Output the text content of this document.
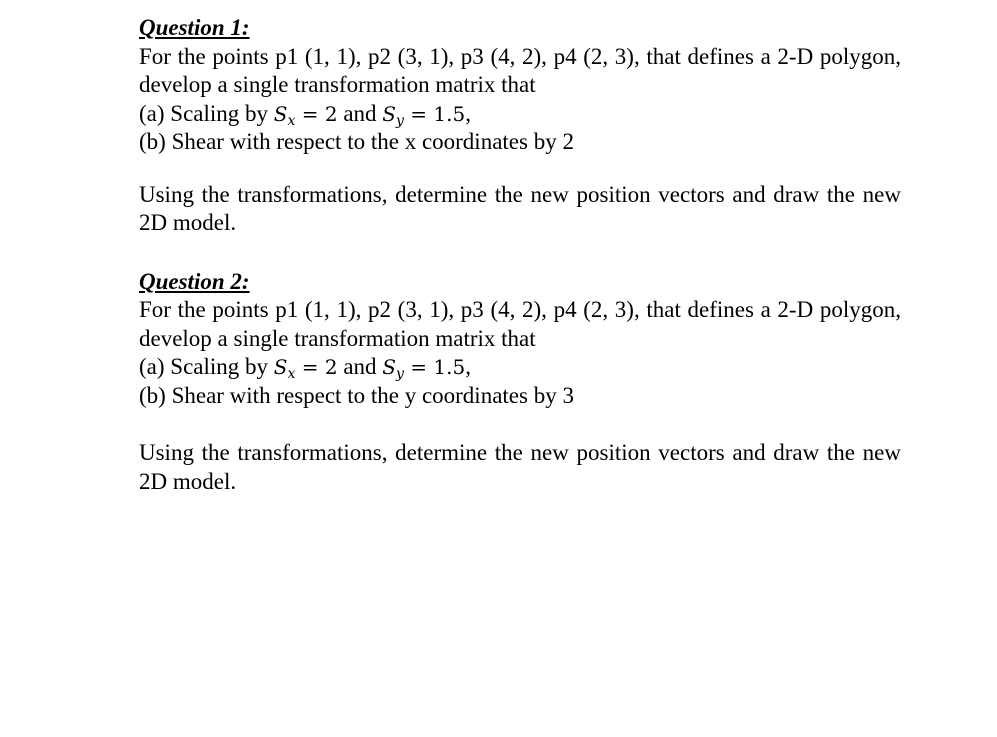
Question 1:
For the points p1 (1, 1), p2 (3, 1), p3 (4, 2), p4 (2, 3), that defines a 2-D polygon, develop a single transformation matrix that
(a) Scaling by $S_x = 2$ and $S_y = 1.5$,
(b) Shear with respect to the x coordinates by 2
Using the transformations, determine the new position vectors and draw the new 2D model.
Question 2:
For the points p1 (1, 1), p2 (3, 1), p3 (4, 2), p4 (2, 3), that defines a 2-D polygon, develop a single transformation matrix that
(a) Scaling by $S_x = 2$ and $S_y = 1.5$,
(b) Shear with respect to the y coordinates by 3
Using the transformations, determine the new position vectors and draw the new 2D model.
